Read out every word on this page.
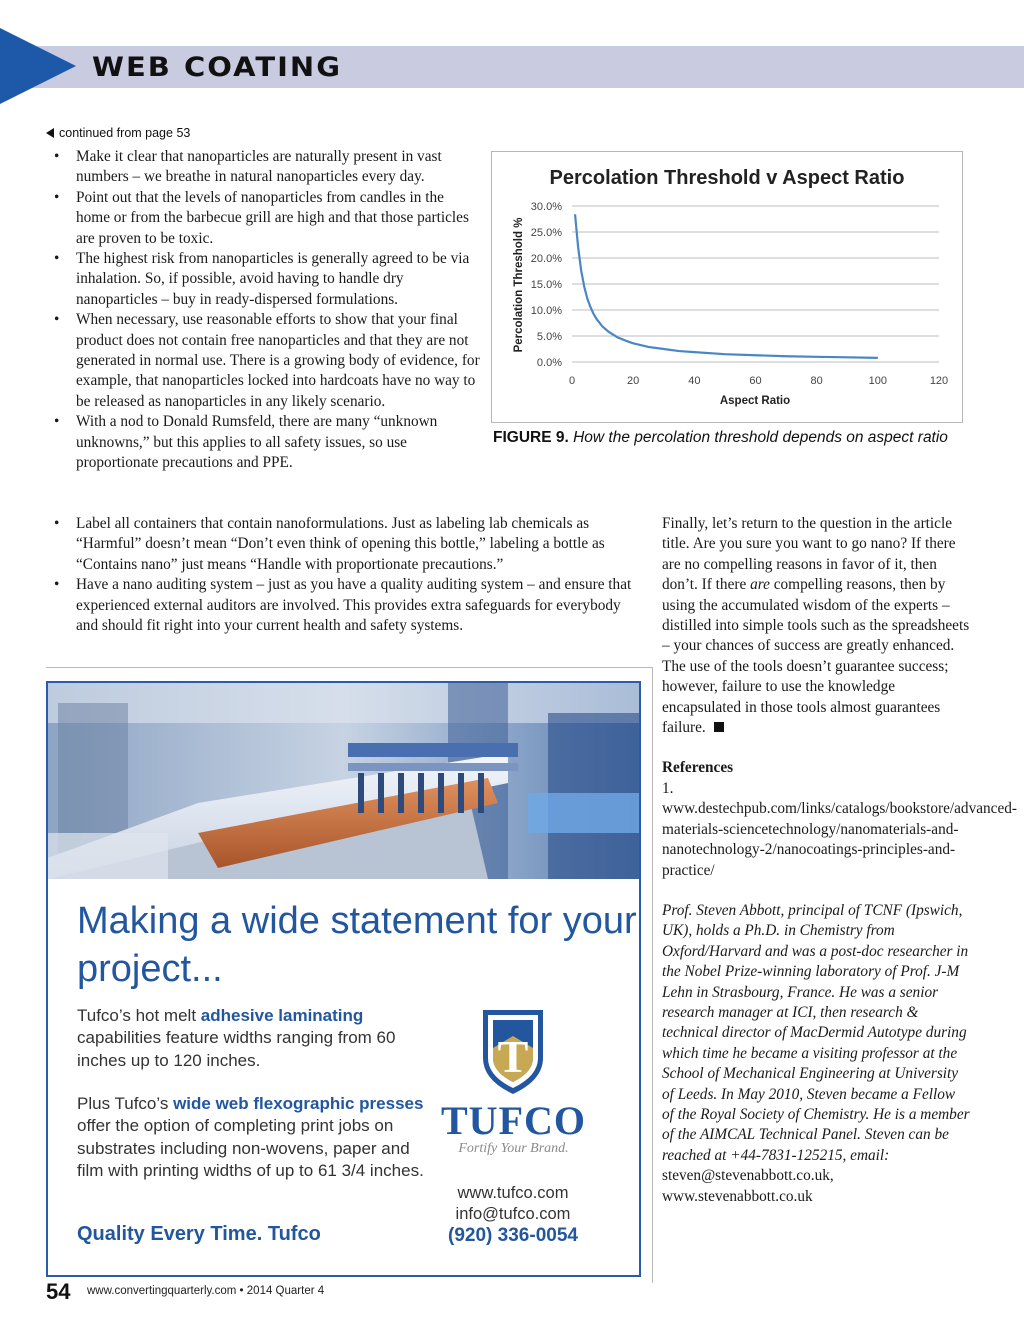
WEB COATING
continued from page 53
• Make it clear that nanoparticles are naturally present in vast numbers – we breathe in natural nanoparticles every day.
• Point out that the levels of nanoparticles from candles in the home or from the barbecue grill are high and that those particles are proven to be toxic.
• The highest risk from nanoparticles is generally agreed to be via inhalation. So, if possible, avoid having to handle dry nanoparticles – buy in ready-dispersed formulations.
• When necessary, use reasonable efforts to show that your final product does not contain free nanoparticles and that they are not generated in normal use. There is a growing body of evidence, for example, that nanoparticles locked into hardcoats have no way to be released as nanoparticles in any likely scenario.
• With a nod to Donald Rumsfeld, there are many “unknown unknowns,” but this applies to all safety issues, so use proportionate precautions and PPE.
Percolation Threshold v Aspect Ratio
0.0%
5.0%
10.0%
15.0%
20.0%
25.0%
30.0%
0	20	40	60	80	100	120
Aspect Ratio
Percolation Threshold %
FIGURE 9. How the percolation threshold depends on aspect ratio
• Label all containers that contain nanoformulations. Just as labeling lab chemicals as “Harmful” doesn’t mean “Don’t even think of opening this bottle,” labeling a bottle as “Contains nano” just means “Handle with proportionate precautions.”
• Have a nano auditing system – just as you have a quality auditing system – and ensure that experienced external auditors are involved. This provides extra safeguards for everybody and should fit right into your current health and safety systems.

Finally, let’s return to the question in the article title. Are you sure you want to go nano? If there are no compelling reasons in favor of it, then don’t. If there are compelling reasons, then by using the accumulated wisdom of the experts – distilled into simple tools such as the spreadsheets – your chances of success are greatly enhanced. The use of the tools doesn’t guarantee success; however, failure to use the knowledge encapsulated in those tools almost guarantees failure.

References

1. www.destechpub.com/links/catalogs/bookstore/advanced-materials-sciencetechnology/nanomaterials-and-nanotechnology-2/nanocoatings-principles-and-practice/

Prof. Steven Abbott, principal of TCNF (Ipswich, UK), holds a Ph.D. in Chemistry from Oxford/Harvard and was a post-doc researcher in the Nobel Prize-winning laboratory of Prof. J-M Lehn in Strasbourg, France. He was a senior research manager at ICI, then research & technical director of MacDermid Autotype during which time he became a visiting professor at the School of Mechanical Engineering at University of Leeds. In May 2010, Steven became a Fellow of the Royal Society of Chemistry. He is a member of the AIMCAL Technical Panel. Steven can be reached at +44-7831-125215, email: steven@stevenabbott.co.uk, www.stevenabbott.co.uk

Making a wide statement for your project...
Tufco’s hot melt adhesive laminating capabilities feature widths ranging from 60 inches up to 120 inches.
Plus Tufco’s wide web flexographic presses offer the option of completing print jobs on substrates including non-wovens, paper and film with printing widths of up to 61 3/4 inches.
Quality Every Time. Tufco
T
TUFCO
Fortify Your Brand.
www.tufco.com
info@tufco.com
(920) 336-0054
54 www.convertingquarterly.com • 2014 Quarter 4
